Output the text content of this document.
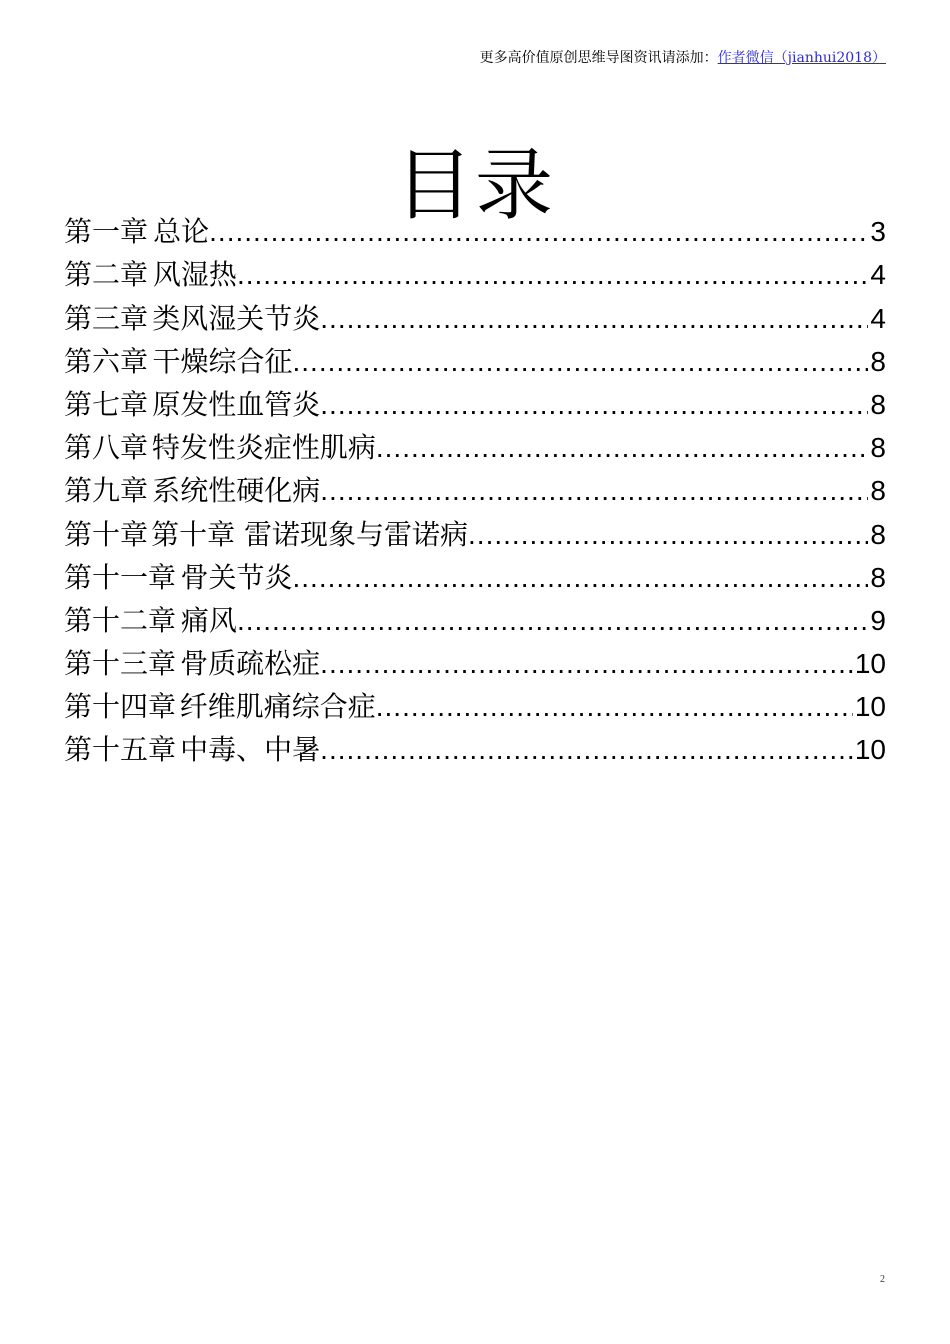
更多高价值原创思维导图资讯请添加：作者微信（jianhui2018）
目录
第一章 总论 .....	3
第二章 风湿热 .....	4
第三章 类风湿关节炎 .....	4
第六章 干燥综合征 .....	8
第七章 原发性血管炎 .....	8
第八章 特发性炎症性肌病 .....	8
第九章 系统性硬化病 .....	8
第十章 第十章 雷诺现象与雷诺病 .....	8
第十一章 骨关节炎 .....	8
第十二章 痛风 .....	9
第十三章 骨质疏松症 .....	10
第十四章 纤维肌痛综合症 .....	10
第十五章 中毒、中暑 .....	10
2
